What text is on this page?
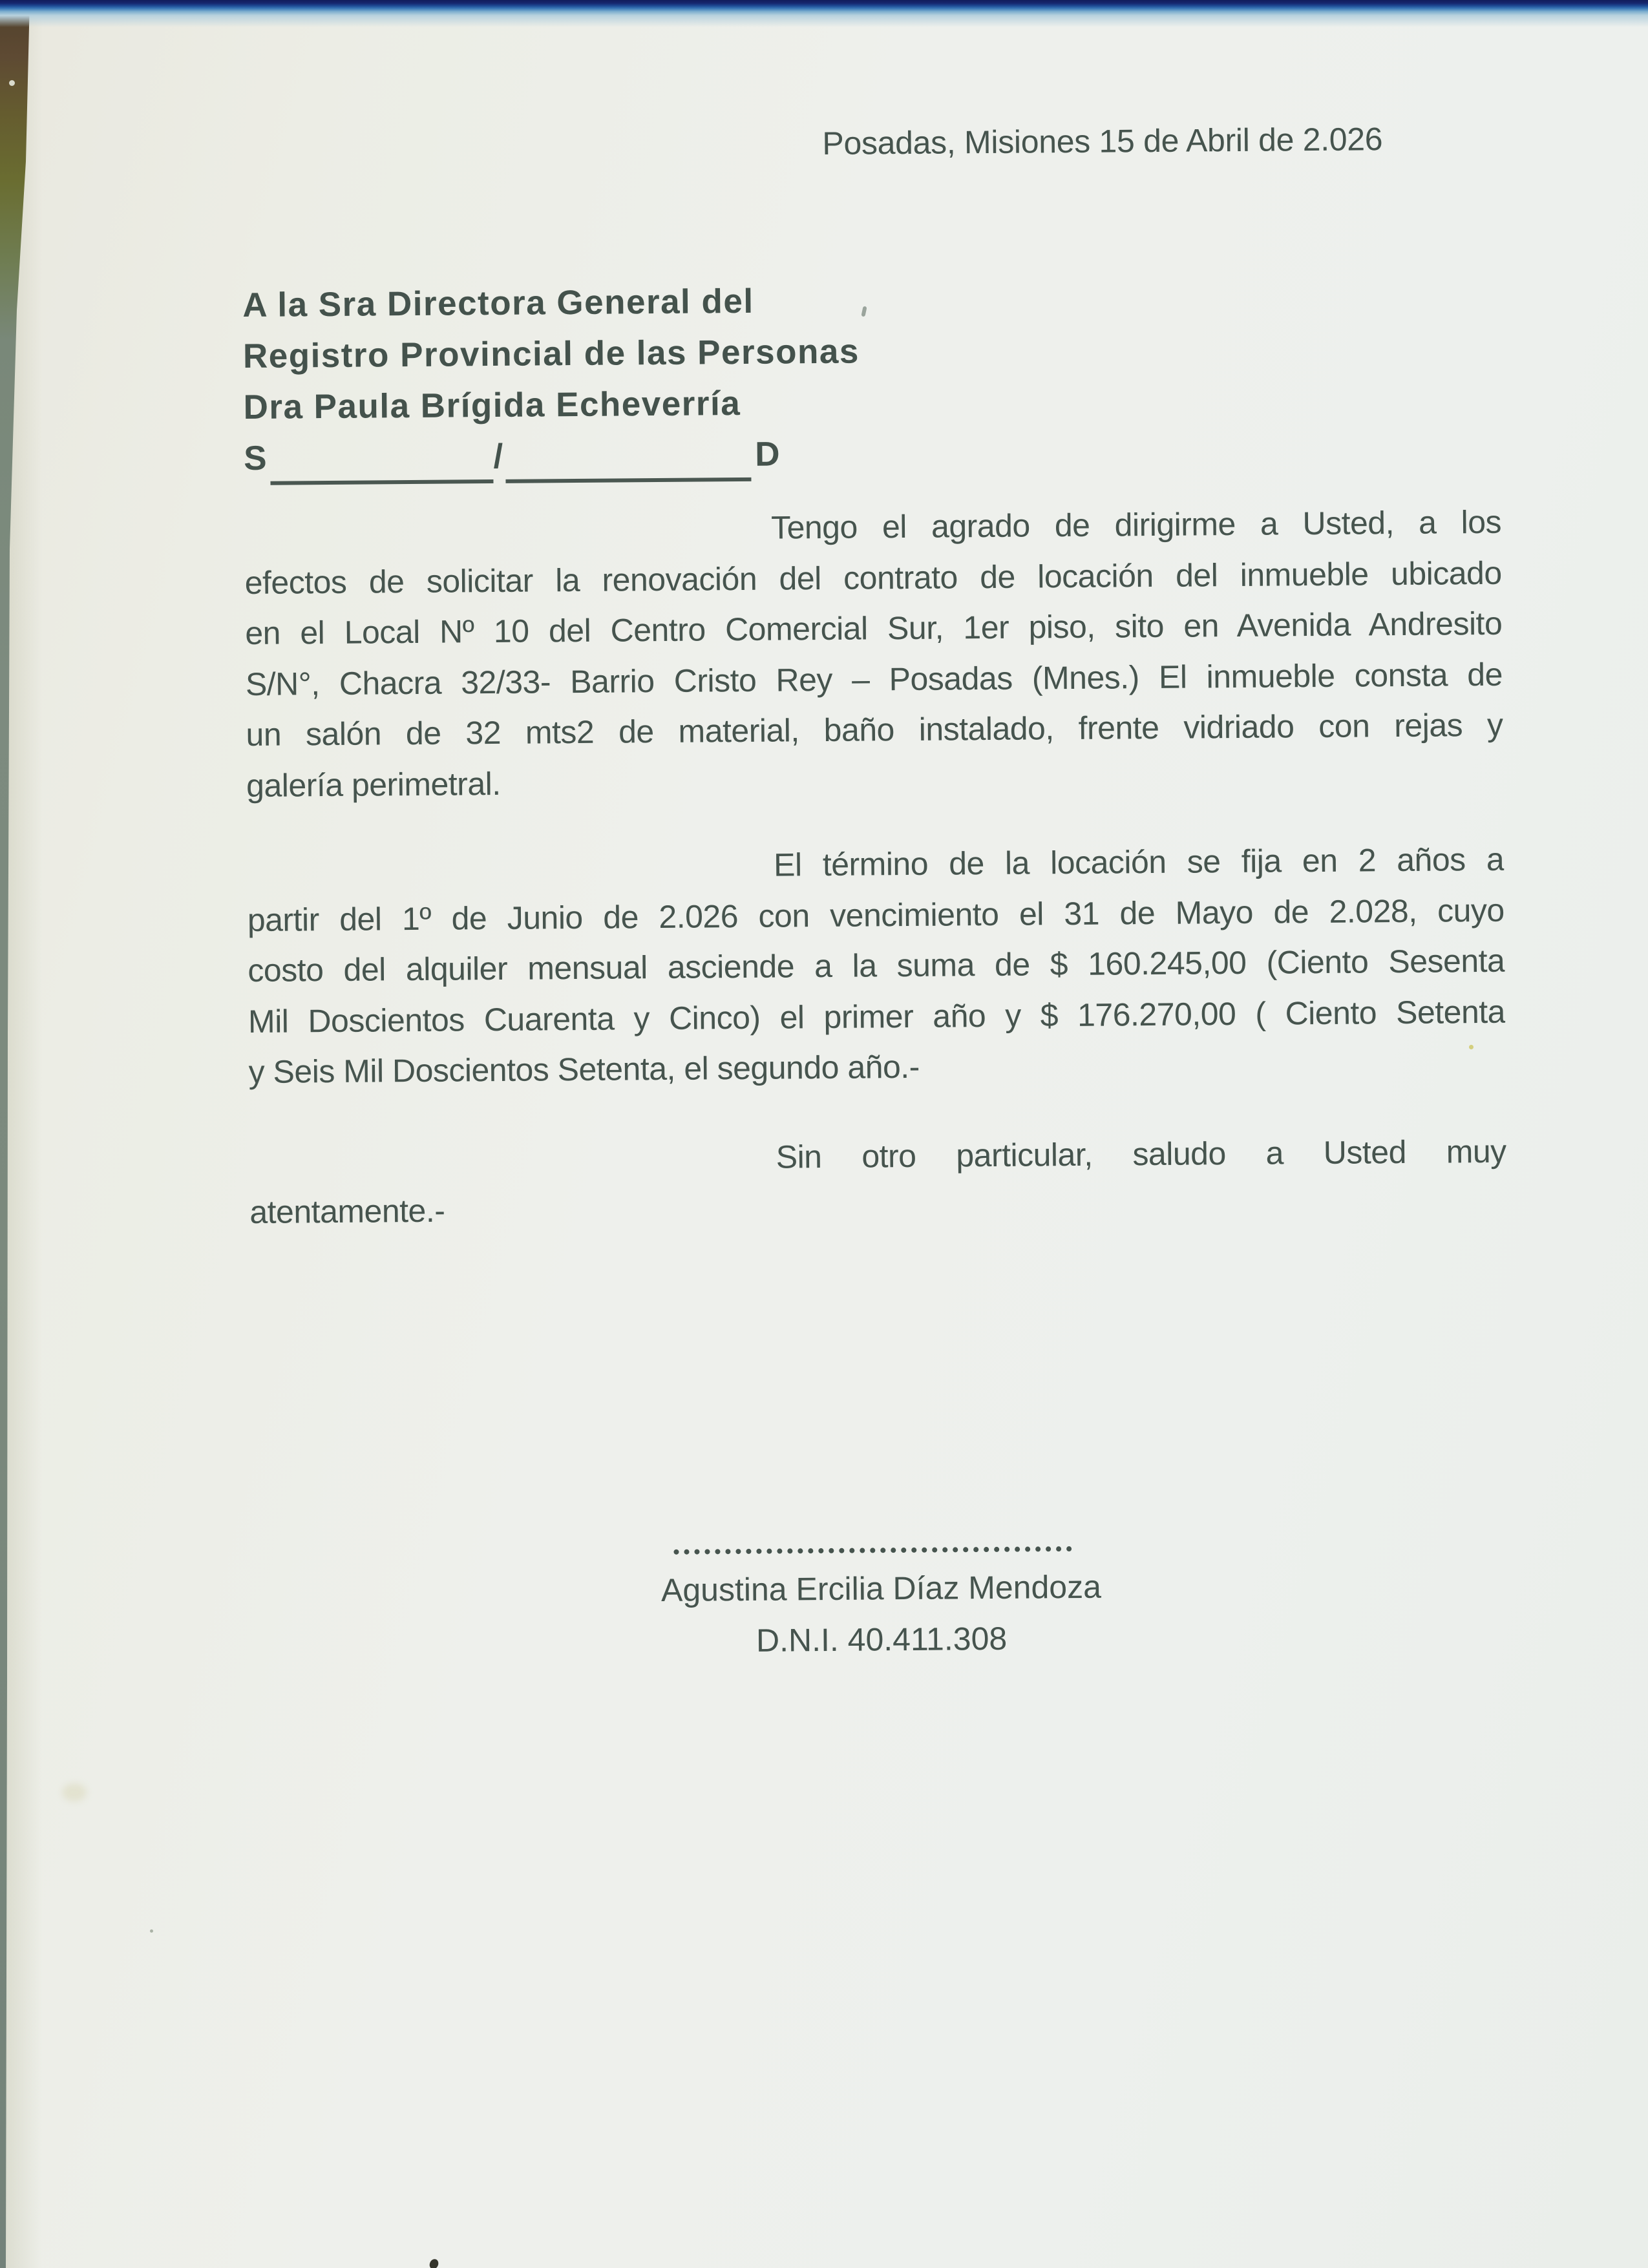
Posadas, Misiones 15 de Abril de 2.026
A la Sra Directora General del
Registro Provincial de las Personas
Dra Paula Brígida Echeverría
S	/	D
Tengo el agrado de dirigirme a Usted, a los
efectos de solicitar la renovación del contrato de locación del inmueble ubicado
en el Local Nº 10 del Centro Comercial Sur, 1er piso, sito en Avenida Andresito
S/N°, Chacra 32/33- Barrio Cristo Rey – Posadas (Mnes.) El inmueble consta de
un salón de 32 mts2 de material, baño instalado, frente vidriado con rejas y
galería perimetral.
El término de la locación se fija en 2 años a
partir del 1º de Junio de 2.026 con vencimiento el 31 de Mayo de 2.028, cuyo
costo del alquiler mensual asciende a la suma de $ 160.245,00 (Ciento Sesenta
Mil Doscientos Cuarenta y Cinco) el primer año y $ 176.270,00 ( Ciento Setenta
y Seis Mil Doscientos Setenta, el segundo año.-
Sin otro particular, saludo a Usted muy
atentamente.-
Agustina Ercilia Díaz Mendoza
D.N.I. 40.411.308
